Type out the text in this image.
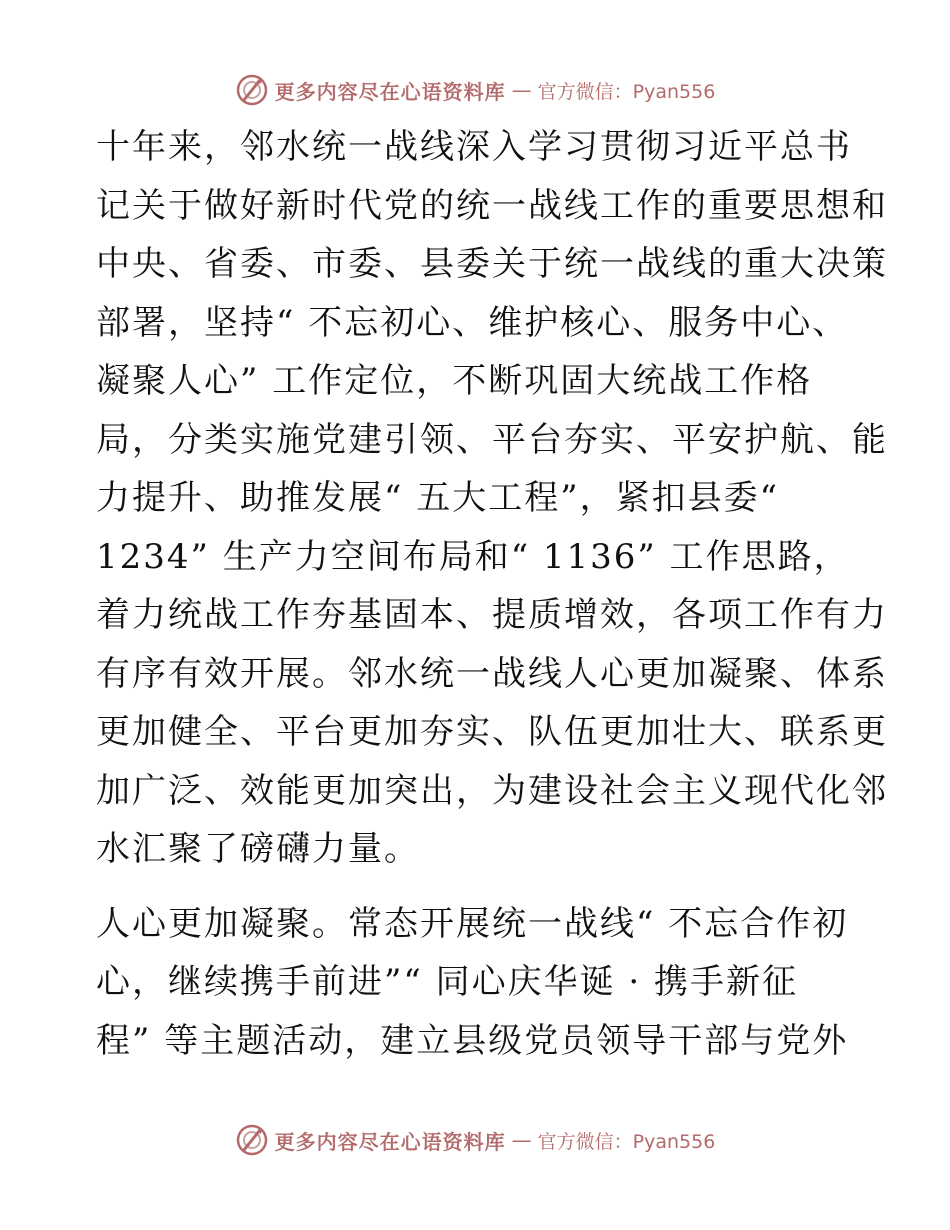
更多内容尽在心语资料库 — 官方微信：Pyan556
十年来，邻水统一战线深入学习贯彻习近平总书
记关于做好新时代党的统一战线工作的重要思想和
中央、省委、市委、县委关于统一战线的重大决策
部署，坚持“ 不忘初心、维护核心、服务中心、
凝聚人心” 工作定位，不断巩固大统战工作格
局，分类实施党建引领、平台夯实、平安护航、能
力提升、助推发展“ 五大工程”，紧扣县委“
1234” 生产力空间布局和“ 1136” 工作思路，
着力统战工作夯基固本、提质增效，各项工作有力
有序有效开展。邻水统一战线人心更加凝聚、体系
更加健全、平台更加夯实、队伍更加壮大、联系更
加广泛、效能更加突出，为建设社会主义现代化邻
水汇聚了磅礴力量。
人心更加凝聚。常态开展统一战线“ 不忘合作初
心，继续携手前进”“ 同心庆华诞 · 携手新征
程” 等主题活动，建立县级党员领导干部与党外
更多内容尽在心语资料库 — 官方微信：Pyan556
